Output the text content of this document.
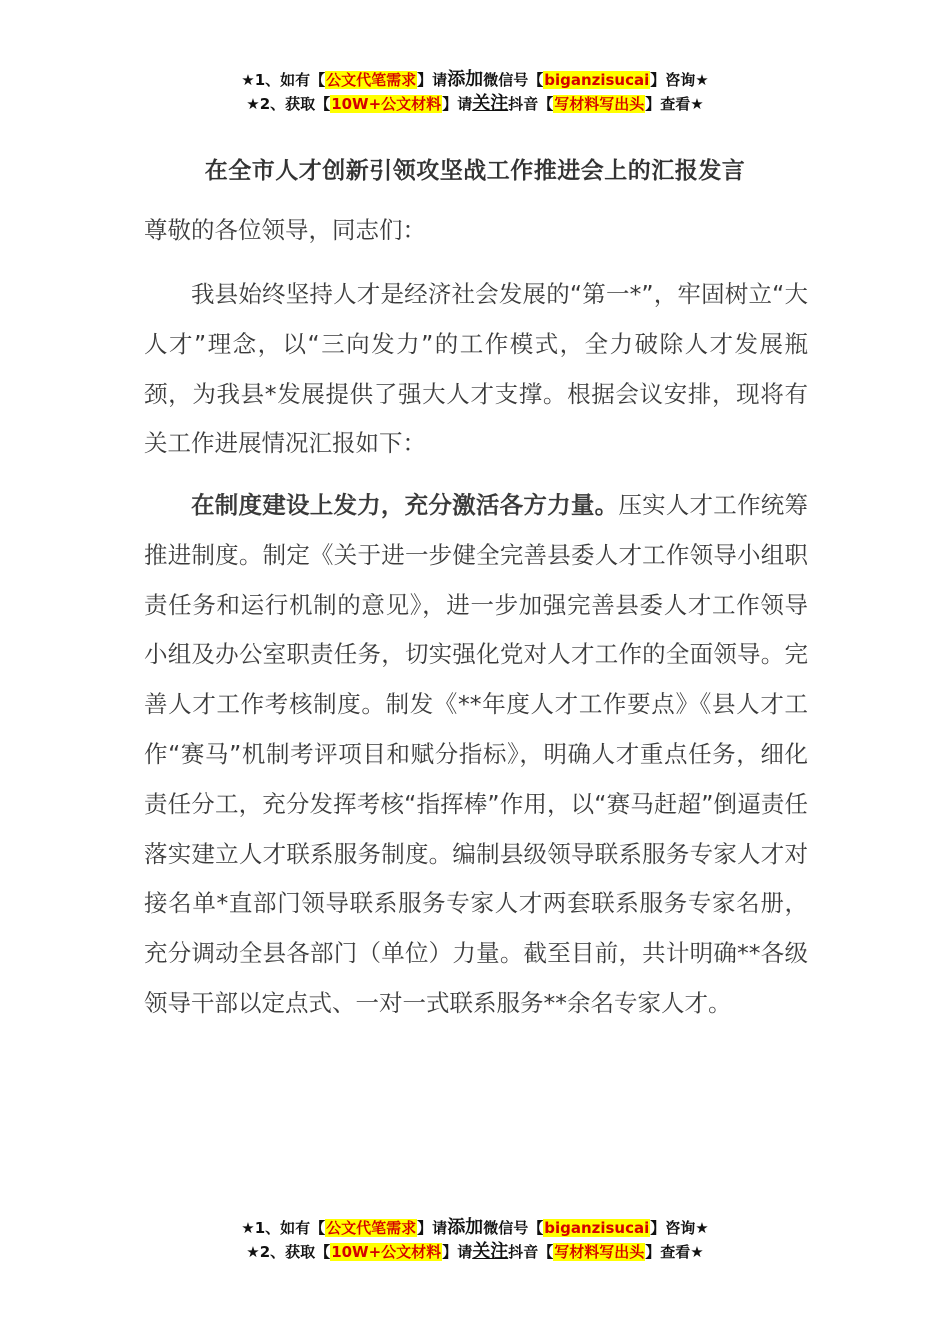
★1、如有【公文代笔需求】请添加微信号【biganzisucai】咨询★
★2、获取【10W+公文材料】请关注抖音【写材料写出头】查看★
在全市人才创新引领攻坚战工作推进会上的汇报发言

尊敬的各位领导，同志们：

我县始终坚持人才是经济社会发展的“第一*”，牢固树立“大人才”理念，以“三向发力”的工作模式，全力破除人才发展瓶颈，为我县*发展提供了强大人才支撑。根据会议安排，现将有关工作进展情况汇报如下：

在制度建设上发力，充分激活各方力量。压实人才工作统筹推进制度。制定《关于进一步健全完善县委人才工作领导小组职责任务和运行机制的意见》，进一步加强完善县委人才工作领导小组及办公室职责任务，切实强化党对人才工作的全面领导。完善人才工作考核制度。制发《**年度人才工作要点》《县人才工作“赛马”机制考评项目和赋分指标》，明确人才重点任务，细化责任分工，充分发挥考核“指挥棒”作用，以“赛马赶超”倒逼责任落实建立人才联系服务制度。编制县级领导联系服务专家人才对接名单*直部门领导联系服务专家人才两套联系服务专家名册，充分调动全县各部门（单位）力量。截至目前，共计明确**各级领导干部以定点式、一对一式联系服务**余名专家人才。

★1、如有【公文代笔需求】请添加微信号【biganzisucai】咨询★
★2、获取【10W+公文材料】请关注抖音【写材料写出头】查看★
